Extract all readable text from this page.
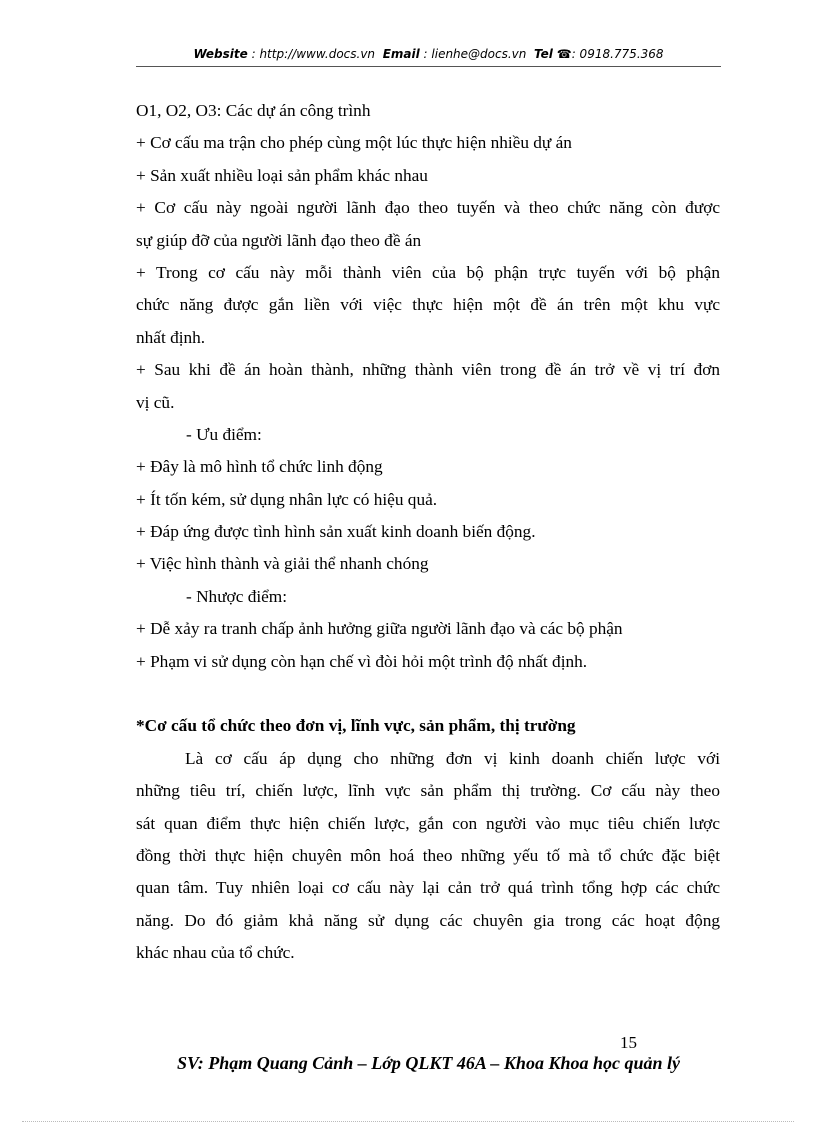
Website : http://www.docs.vn Email : lienhe@docs.vn Tel ☎: 0918.775.368
O1, O2, O3: Các dự án công trình
+ Cơ cấu ma trận cho phép cùng một lúc thực hiện nhiều dự án
+ Sản xuất nhiều loại sản phẩm khác nhau
+ Cơ cấu này ngoài người lãnh đạo theo tuyến và theo chức năng còn được
sự giúp đỡ của người lãnh đạo theo đề án
+ Trong cơ cấu này mỗi thành viên của bộ phận trực tuyến với bộ phận
chức năng được gắn liền với việc thực hiện một đề án trên một khu vực
nhất định.
+ Sau khi đề án hoàn thành, những thành viên trong đề án trở về vị trí đơn
vị cũ.
- Ưu điểm:
+ Đây là mô hình tổ chức linh động
+ Ít tốn kém, sử dụng nhân lực có hiệu quả.
+ Đáp ứng được tình hình sản xuất kinh doanh biến động.
+ Việc hình thành và giải thể nhanh chóng
- Nhược điểm:
+ Dễ xảy ra tranh chấp ảnh hưởng giữa người lãnh đạo và các bộ phận
+ Phạm vi sử dụng còn hạn chế vì đòi hỏi một trình độ nhất định.
*Cơ cấu tổ chức theo đơn vị, lĩnh vực, sản phẩm, thị trường
Là cơ cấu áp dụng cho những đơn vị kinh doanh chiến lược với
những tiêu trí, chiến lược, lĩnh vực sản phẩm thị trường. Cơ cấu này theo
sát quan điểm thực hiện chiến lược, gắn con người vào mục tiêu chiến lược
đồng thời thực hiện chuyên môn hoá theo những yếu tố mà tổ chức đặc biệt
quan tâm. Tuy nhiên loại cơ cấu này lại cản trở quá trình tổng hợp các chức
năng. Do đó giảm khả năng sử dụng các chuyên gia trong các hoạt động
khác nhau của tổ chức.
15
SV: Phạm Quang Cảnh – Lớp QLKT 46A – Khoa Khoa học quản lý
